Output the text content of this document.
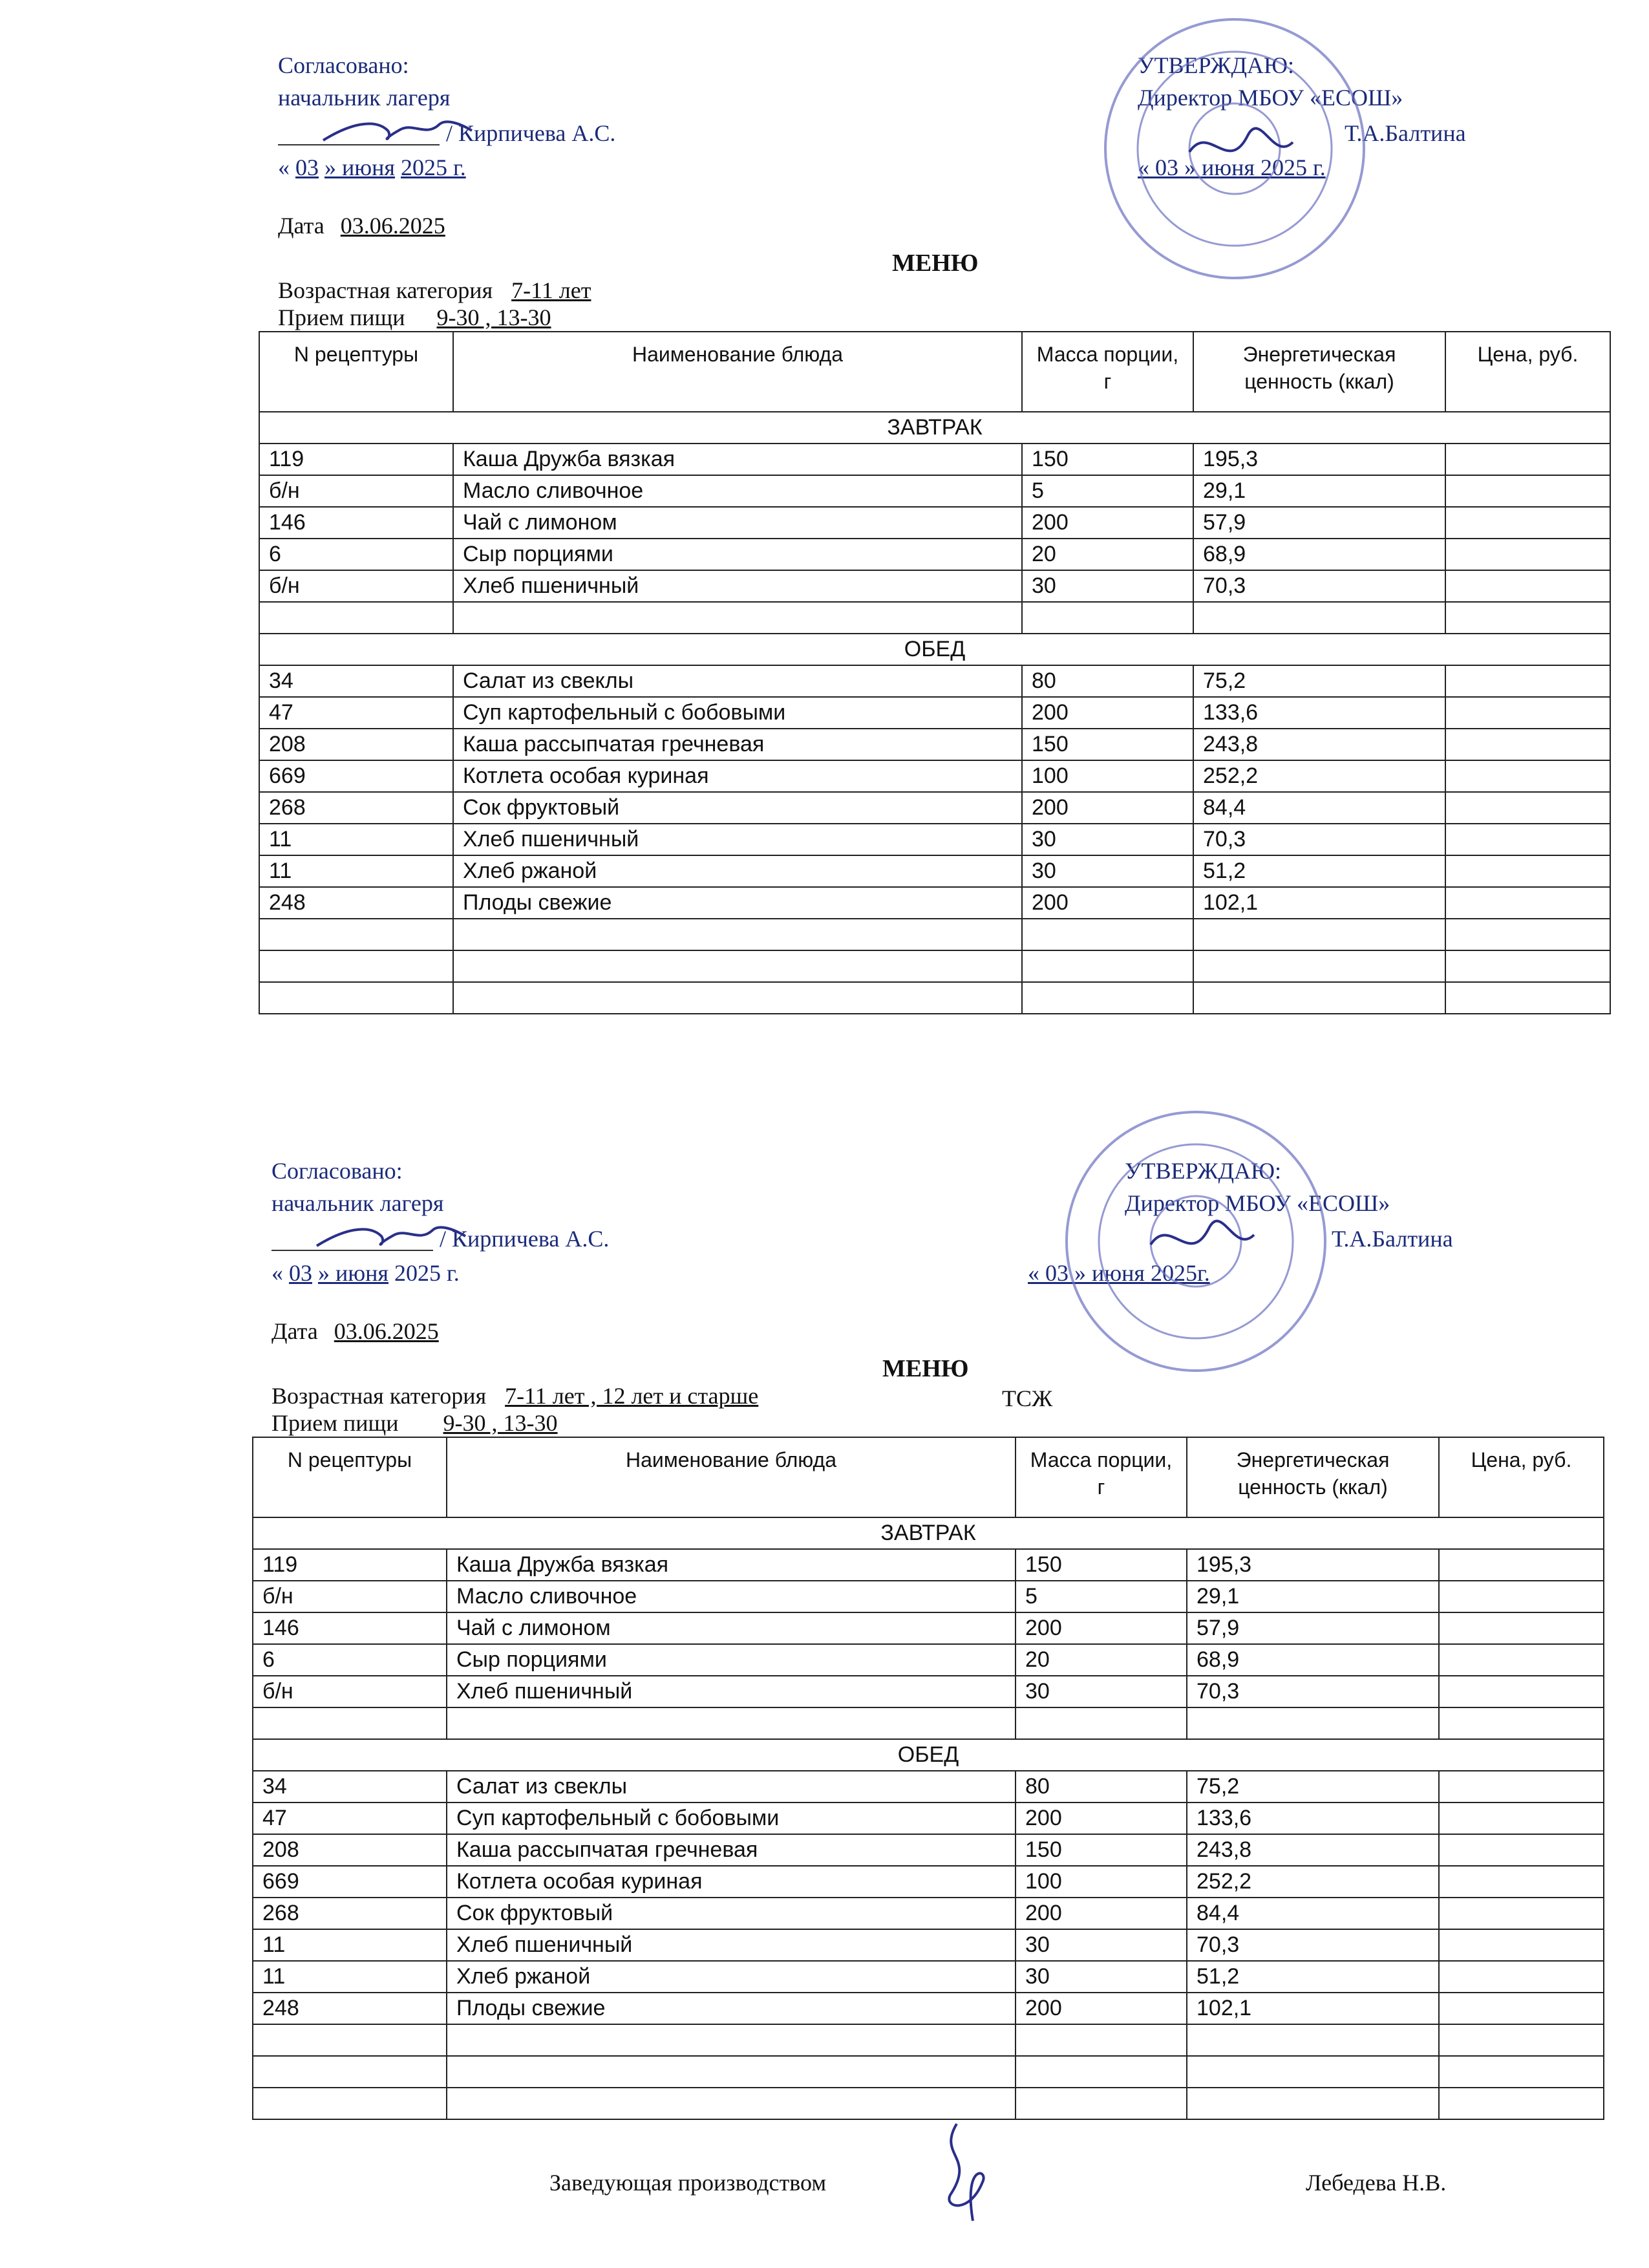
Согласовано:
начальник лагеря
/ Кирпичева А.С.
« 03 » июня 2025 г.
УТВЕРЖДАЮ:
Директор МБОУ «ЕСОШ»
Т.А.Балтина
« 03 » июня 2025 г.
Дата 03.06.2025
МЕНЮ
Возрастная категория 7-11 лет
Прием пищи 9-30 , 13-30
N рецептуры	Наименование блюда	Масса порции, г	Энергетическая ценность (ккал)	Цена, руб.
ЗАВТРАК				
119	Каша Дружба вязкая	150	195,3	
б/н	Масло сливочное	5	29,1	
146	Чай с лимоном	200	57,9	
6	Сыр порциями	20	68,9	
б/н	Хлеб пшеничный	30	70,3	

ОБЕД				
34	Салат из свеклы	80	75,2	
47	Суп картофельный с бобовыми	200	133,6	
208	Каша рассыпчатая гречневая	150	243,8	
669	Котлета особая куриная	100	252,2	
268	Сок фруктовый	200	84,4	
11	Хлеб пшеничный	30	70,3	
11	Хлеб ржаной	30	51,2	
248	Плоды свежие	200	102,1	

Согласовано:
начальник лагеря
/ Кирпичева А.С.
« 03 » июня 2025 г.
УТВЕРЖДАЮ:
Директор МБОУ «ЕСОШ»
Т.А.Балтина
« 03 » июня 2025г.
Дата 03.06.2025
МЕНЮ
Возрастная категория 7-11 лет , 12 лет и старше	ТСЖ
Прием пищи 9-30 , 13-30
N рецептуры	Наименование блюда	Масса порции, г	Энергетическая ценность (ккал)	Цена, руб.
ЗАВТРАК				
119	Каша Дружба вязкая	150	195,3	
б/н	Масло сливочное	5	29,1	
146	Чай с лимоном	200	57,9	
6	Сыр порциями	20	68,9	
б/н	Хлеб пшеничный	30	70,3	

ОБЕД				
34	Салат из свеклы	80	75,2	
47	Суп картофельный с бобовыми	200	133,6	
208	Каша рассыпчатая гречневая	150	243,8	
669	Котлета особая куриная	100	252,2	
268	Сок фруктовый	200	84,4	
11	Хлеб пшеничный	30	70,3	
11	Хлеб ржаной	30	51,2	
248	Плоды свежие	200	102,1	

Заведующая производством	Лебедева Н.В.
